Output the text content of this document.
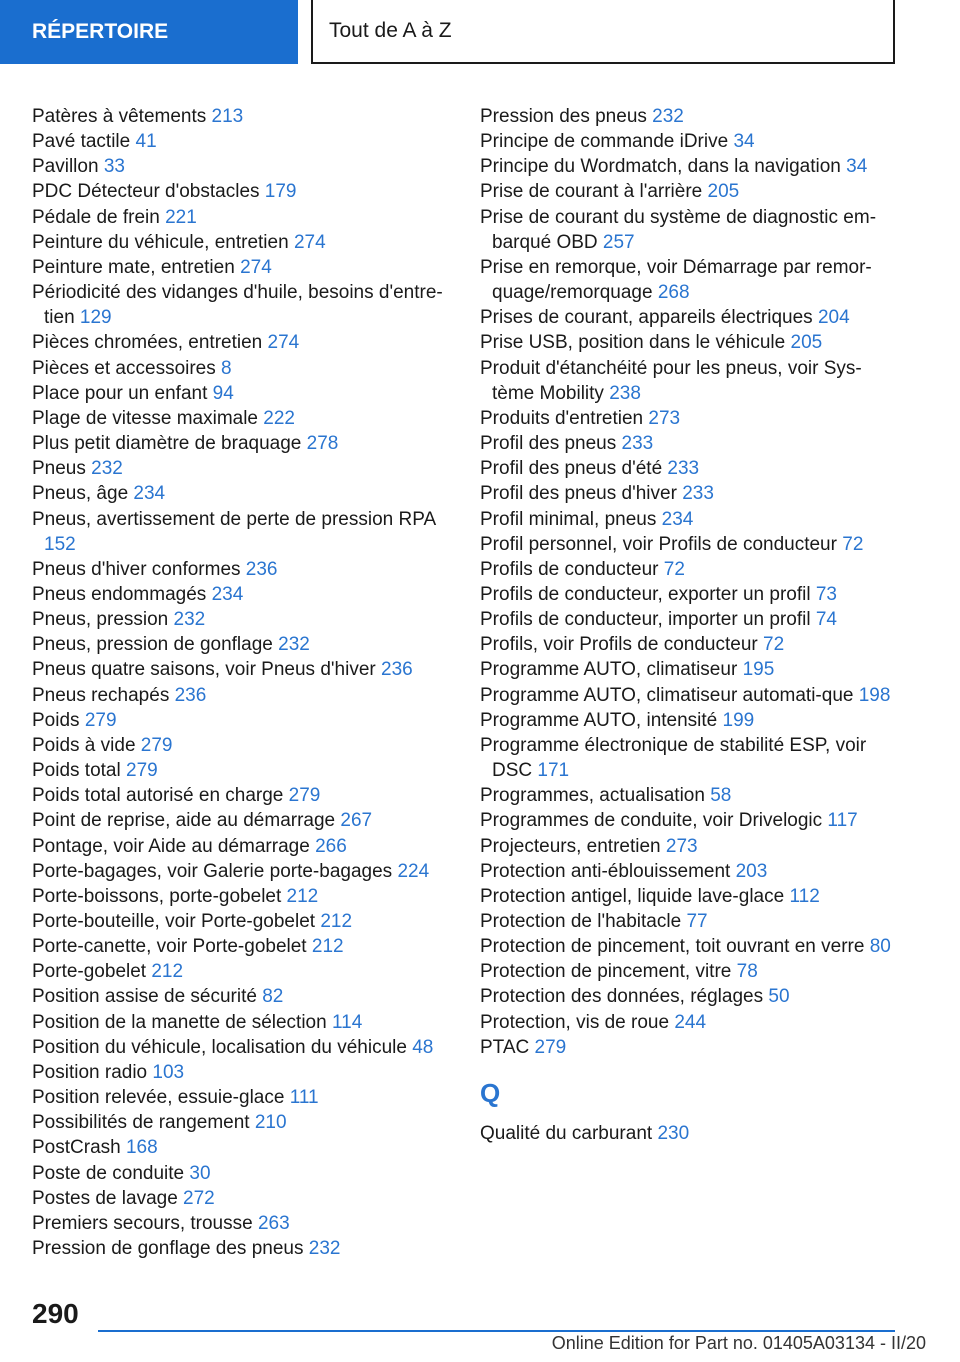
RÉPERTOIRE	Tout de A à Z
Patères à vêtements 213
Pavé tactile 41
Pavillon 33
PDC Détecteur d'obstacles 179
Pédale de frein 221
Peinture du véhicule, entretien 274
Peinture mate, entretien 274
Périodicité des vidanges d'huile, besoins d'entre-tien 129
Pièces chromées, entretien 274
Pièces et accessoires 8
Place pour un enfant 94
Plage de vitesse maximale 222
Plus petit diamètre de braquage 278
Pneus 232
Pneus, âge 234
Pneus, avertissement de perte de pression RPA 152
Pneus d'hiver conformes 236
Pneus endommagés 234
Pneus, pression 232
Pneus, pression de gonflage 232
Pneus quatre saisons, voir Pneus d'hiver 236
Pneus rechapés 236
Poids 279
Poids à vide 279
Poids total 279
Poids total autorisé en charge 279
Point de reprise, aide au démarrage 267
Pontage, voir Aide au démarrage 266
Porte-bagages, voir Galerie porte-bagages 224
Porte-boissons, porte-gobelet 212
Porte-bouteille, voir Porte-gobelet 212
Porte-canette, voir Porte-gobelet 212
Porte-gobelet 212
Position assise de sécurité 82
Position de la manette de sélection 114
Position du véhicule, localisation du véhicule 48
Position radio 103
Position relevée, essuie-glace 111
Possibilités de rangement 210
PostCrash 168
Poste de conduite 30
Postes de lavage 272
Premiers secours, trousse 263
Pression de gonflage des pneus 232
Pression des pneus 232
Principe de commande iDrive 34
Principe du Wordmatch, dans la navigation 34
Prise de courant à l'arrière 205
Prise de courant du système de diagnostic em-barqué OBD 257
Prise en remorque, voir Démarrage par remor-quage/remorquage 268
Prises de courant, appareils électriques 204
Prise USB, position dans le véhicule 205
Produit d'étanchéité pour les pneus, voir Sys-tème Mobility 238
Produits d'entretien 273
Profil des pneus 233
Profil des pneus d'été 233
Profil des pneus d'hiver 233
Profil minimal, pneus 234
Profil personnel, voir Profils de conducteur 72
Profils de conducteur 72
Profils de conducteur, exporter un profil 73
Profils de conducteur, importer un profil 74
Profils, voir Profils de conducteur 72
Programme AUTO, climatiseur 195
Programme AUTO, climatiseur automati-que 198
Programme AUTO, intensité 199
Programme électronique de stabilité ESP, voir DSC 171
Programmes, actualisation 58
Programmes de conduite, voir Drivelogic 117
Projecteurs, entretien 273
Protection anti-éblouissement 203
Protection antigel, liquide lave-glace 112
Protection de l'habitacle 77
Protection de pincement, toit ouvrant en verre 80
Protection de pincement, vitre 78
Protection des données, réglages 50
Protection, vis de roue 244
PTAC 279
Q
Qualité du carburant 230
290
Online Edition for Part no. 01405A03134 - II/20
